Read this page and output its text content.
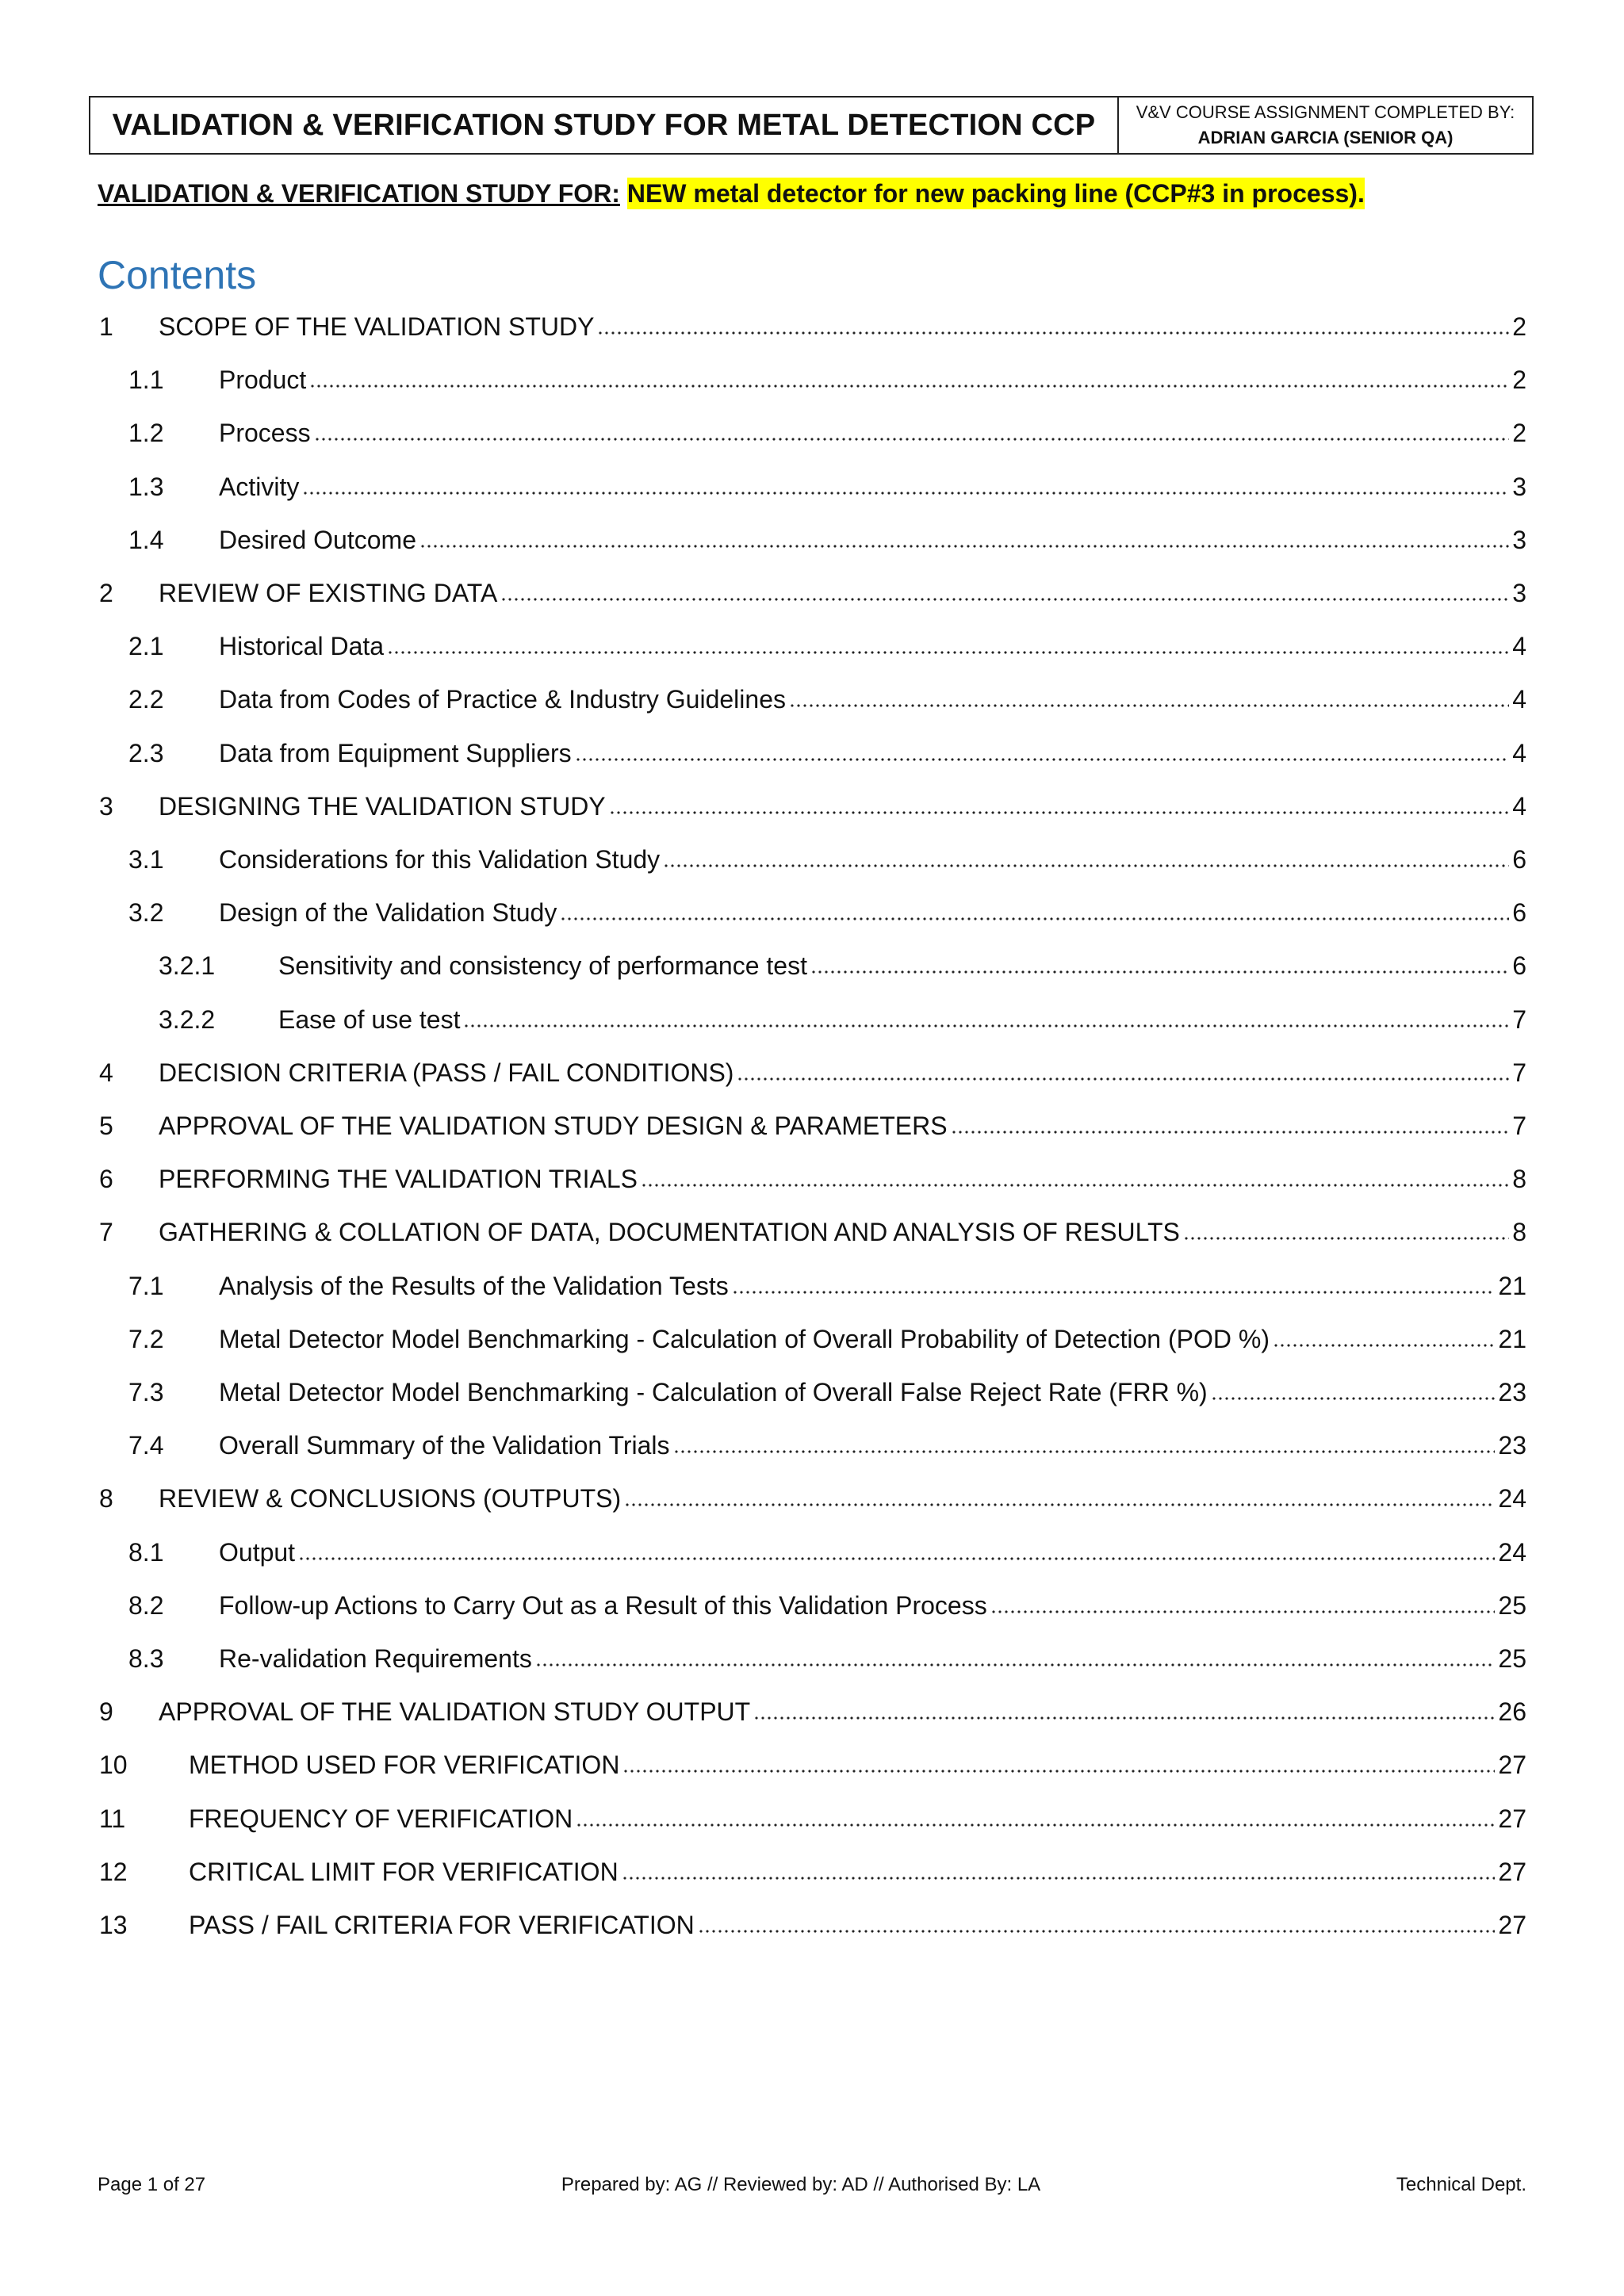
VALIDATION & VERIFICATION STUDY FOR METAL DETECTION CCP	V&V COURSE ASSIGNMENT COMPLETED BY:
ADRIAN GARCIA (SENIOR QA)
VALIDATION & VERIFICATION STUDY FOR: NEW metal detector for new packing line (CCP#3 in process).
Contents
1	SCOPE OF THE VALIDATION STUDY	2
1.1	Product	2
1.2	Process	2
1.3	Activity	3
1.4	Desired Outcome	3
2	REVIEW OF EXISTING DATA	3
2.1	Historical Data	4
2.2	Data from Codes of Practice & Industry Guidelines	4
2.3	Data from Equipment Suppliers	4
3	DESIGNING THE VALIDATION STUDY	4
3.1	Considerations for this Validation Study	6
3.2	Design of the Validation Study	6
3.2.1	Sensitivity and consistency of performance test	6
3.2.2	Ease of use test	7
4	DECISION CRITERIA (PASS / FAIL CONDITIONS)	7
5	APPROVAL OF THE VALIDATION STUDY DESIGN & PARAMETERS	7
6	PERFORMING THE VALIDATION TRIALS	8
7	GATHERING & COLLATION OF DATA, DOCUMENTATION AND ANALYSIS OF RESULTS	8
7.1	Analysis of the Results of the Validation Tests	21
7.2	Metal Detector Model Benchmarking - Calculation of Overall Probability of Detection (POD %)	21
7.3	Metal Detector Model Benchmarking - Calculation of Overall False Reject Rate (FRR %)	23
7.4	Overall Summary of the Validation Trials	23
8	REVIEW & CONCLUSIONS (OUTPUTS)	24
8.1	Output	24
8.2	Follow-up Actions to Carry Out as a Result of this Validation Process	25
8.3	Re-validation Requirements	25
9	APPROVAL OF THE VALIDATION STUDY OUTPUT	26
10	METHOD USED FOR VERIFICATION	27
11	FREQUENCY OF VERIFICATION	27
12	CRITICAL LIMIT FOR VERIFICATION	27
13	PASS / FAIL CRITERIA FOR VERIFICATION	27
Page 1 of 27	Prepared by: AG // Reviewed by: AD // Authorised By: LA	Technical Dept.
